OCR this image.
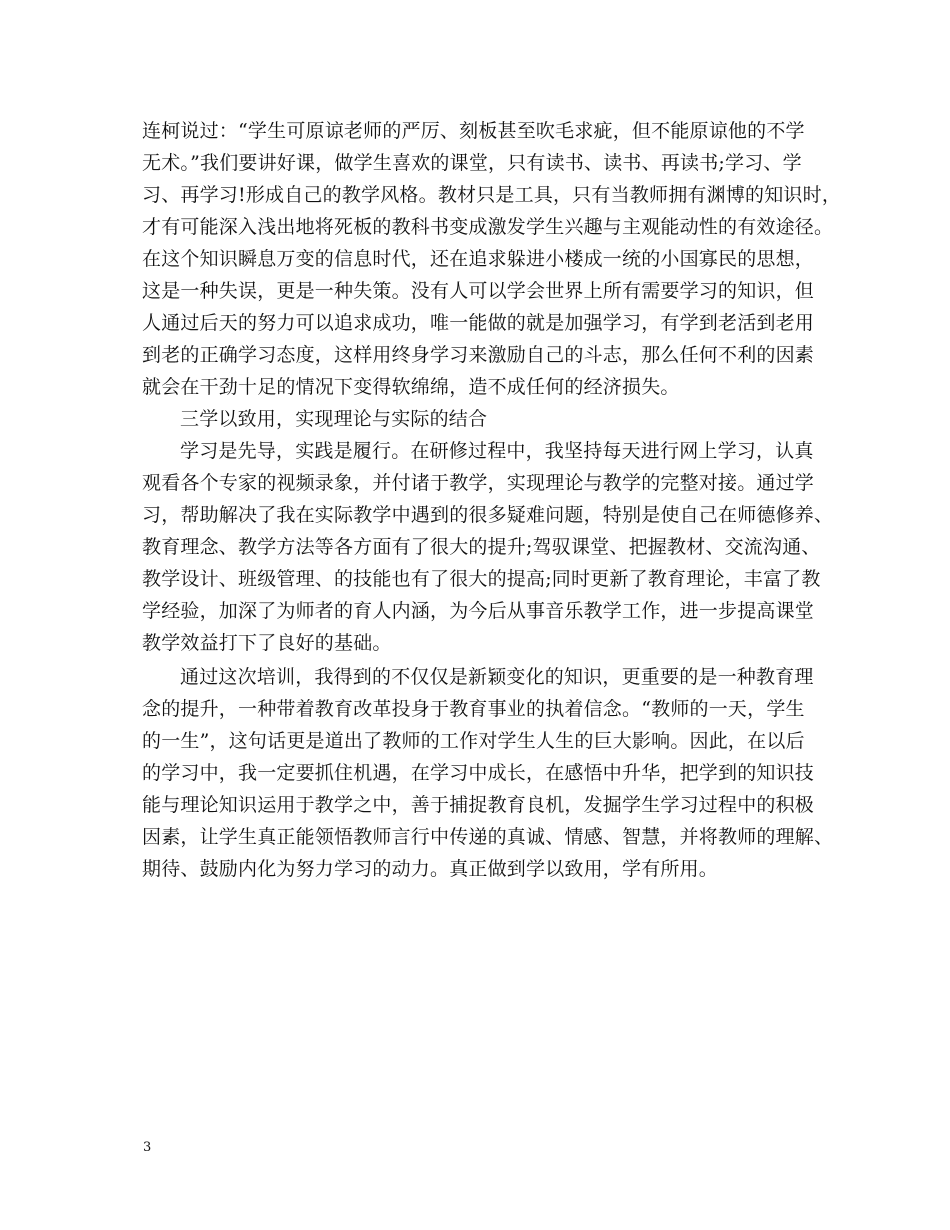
连柯说过：“学生可原谅老师的严厉、刻板甚至吹毛求疵，但不能原谅他的不学
无术。”我们要讲好课，做学生喜欢的课堂，只有读书、读书、再读书;学习、学
习、再学习!形成自己的教学风格。教材只是工具，只有当教师拥有渊博的知识时，
才有可能深入浅出地将死板的教科书变成激发学生兴趣与主观能动性的有效途径。
在这个知识瞬息万变的信息时代，还在追求躲进小楼成一统的小国寡民的思想，
这是一种失误，更是一种失策。没有人可以学会世界上所有需要学习的知识，但
人通过后天的努力可以追求成功，唯一能做的就是加强学习，有学到老活到老用
到老的正确学习态度，这样用终身学习来激励自己的斗志，那么任何不利的因素
就会在干劲十足的情况下变得软绵绵，造不成任何的经济损失。
三学以致用，实现理论与实际的结合
学习是先导，实践是履行。在研修过程中，我坚持每天进行网上学习，认真
观看各个专家的视频录象，并付诸于教学，实现理论与教学的完整对接。通过学
习，帮助解决了我在实际教学中遇到的很多疑难问题，特别是使自己在师德修养、
教育理念、教学方法等各方面有了很大的提升;驾驭课堂、把握教材、交流沟通、
教学设计、班级管理、的技能也有了很大的提高;同时更新了教育理论，丰富了教
学经验，加深了为师者的育人内涵，为今后从事音乐教学工作，进一步提高课堂
教学效益打下了良好的基础。
通过这次培训，我得到的不仅仅是新颖变化的知识，更重要的是一种教育理
念的提升，一种带着教育改革投身于教育事业的执着信念。“教师的一天，学生
的一生”，这句话更是道出了教师的工作对学生人生的巨大影响。因此，在以后
的学习中，我一定要抓住机遇，在学习中成长，在感悟中升华，把学到的知识技
能与理论知识运用于教学之中，善于捕捉教育良机，发掘学生学习过程中的积极
因素，让学生真正能领悟教师言行中传递的真诚、情感、智慧，并将教师的理解、
期待、鼓励内化为努力学习的动力。真正做到学以致用，学有所用。
3
